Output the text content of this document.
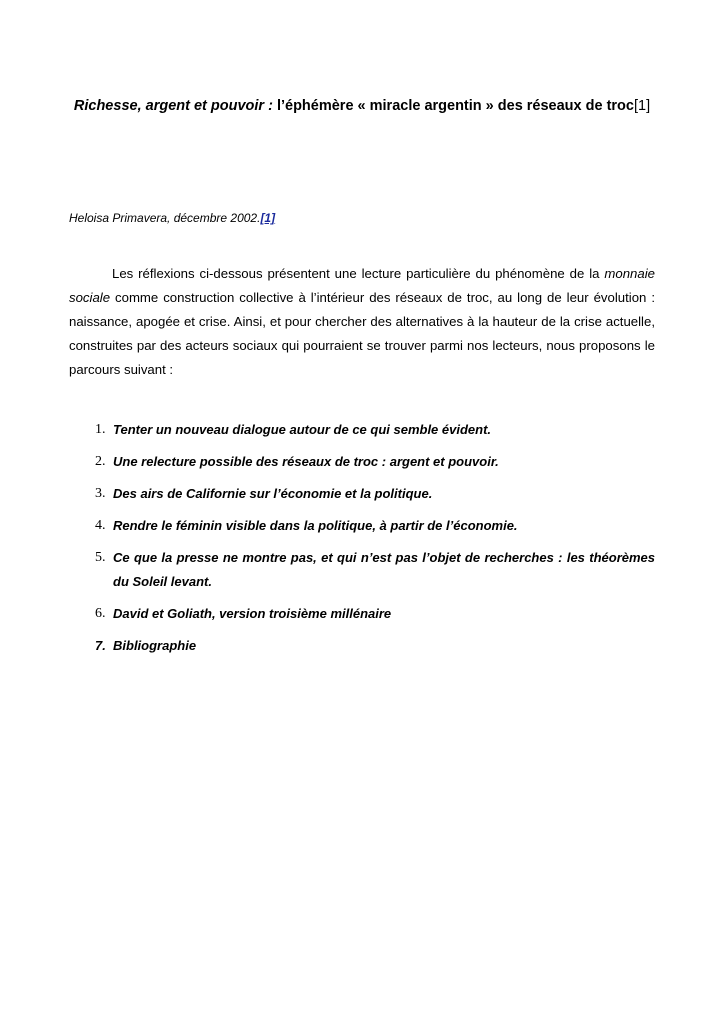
Richesse, argent et pouvoir : l’éphémère « miracle argentin » des réseaux de troc[1]
Heloisa Primavera, décembre 2002.[1]

Les réflexions ci-dessous présentent une lecture particulière du phénomène de la monnaie sociale comme construction collective à l’intérieur des réseaux de troc, au long de leur évolution : naissance, apogée et crise. Ainsi, et pour chercher des alternatives à la hauteur de la crise actuelle, construites par des acteurs sociaux qui pourraient se trouver parmi nos lecteurs, nous proposons le parcours suivant :

1. Tenter un nouveau dialogue autour de ce qui semble évident.
2. Une relecture possible des réseaux de troc : argent et pouvoir.
3. Des airs de Californie sur l’économie et la politique.
4. Rendre le féminin visible dans la politique, à partir de l’économie.
5. Ce que la presse ne montre pas, et qui n’est pas l’objet de recherches : les théorèmes du Soleil levant.
6. David et Goliath, version troisième millénaire
7. Bibliographie
